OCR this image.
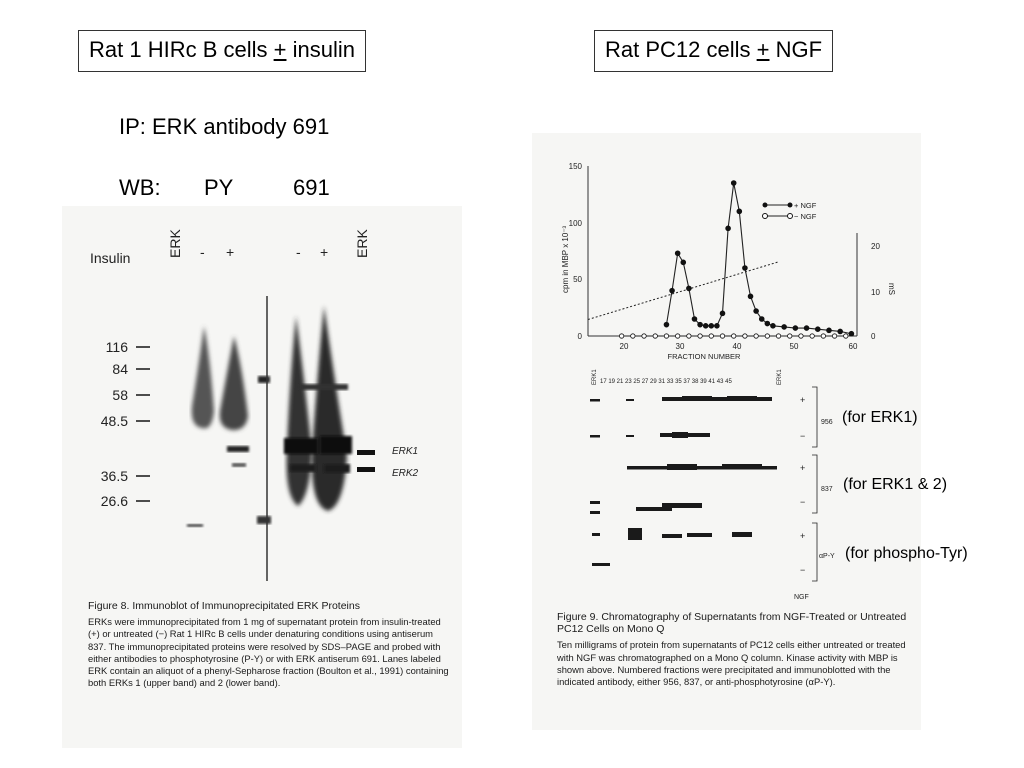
Rat 1 HIRc B cells + insulin	Rat PC12 cells + NGF
IP: ERK antibody 691
WB: PY	691
Insulin	ERK - +	- + ERK
116
84
58
48.5
36.5
26.6
ERK1
ERK2
Figure 8. Immunoblot of Immunoprecipitated ERK Proteins
ERKs were immunoprecipitated from 1 mg of supernatant protein from insulin-treated (+) or untreated (−) Rat 1 HIRc B cells under denaturing conditions using antiserum 837. The immunoprecipitated proteins were resolved by SDS–PAGE and probed with either antibodies to phosphotyrosine (P-Y) or with ERK antiserum 691. Lanes labeled ERK contain an aliquot of a phenyl-Sepharose fraction (Boulton et al., 1991) containing both ERKs 1 (upper band) and 2 (lower band).
cpm in MBP x 10⁻³
150
100
50
0
20
10
0
mS
20	30	40	50	60
FRACTION NUMBER
+ NGF
− NGF
ERK1 17 19 21 23 25 27 29 31 33 35 37 38 39 41 43 45	ERK1
+
−
+
−
+
−
956
837
αP-Y
NGF
Figure 9. Chromatography of Supernatants from NGF-Treated or Untreated PC12 Cells on Mono Q
Ten milligrams of protein from supernatants of PC12 cells either untreated or treated with NGF was chromatographed on a Mono Q column. Kinase activity with MBP is shown above. Numbered fractions were precipitated and immunoblotted with the indicated antibody, either 956, 837, or anti-phosphotyrosine (αP-Y).
(for ERK1)
(for ERK1 & 2)
(for phospho-Tyr)
